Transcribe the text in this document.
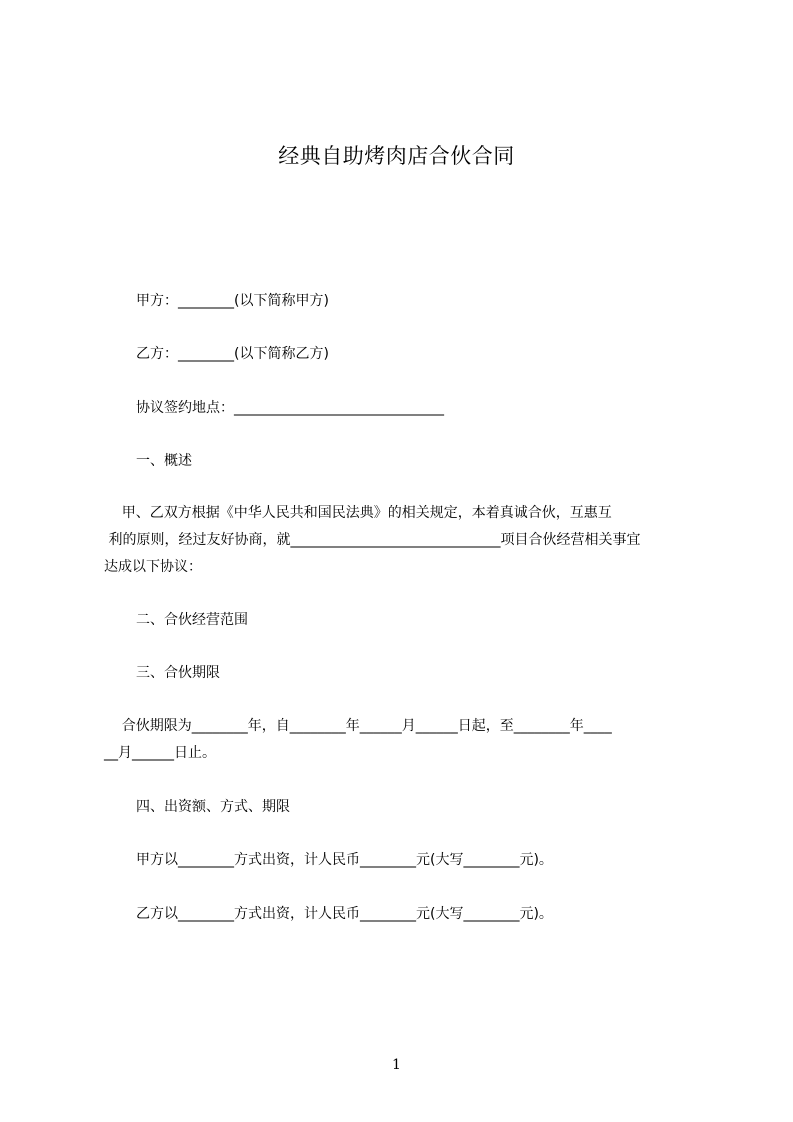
经典自助烤肉店合伙合同
甲方：________(以下简称甲方)
乙方：________(以下简称乙方)
协议签约地点：______________________________
一、概述
甲、乙双方根据《中华人民共和国民法典》的相关规定，本着真诚合伙，互惠互
利的原则，经过友好协商，就______________________________项目合伙经营相关事宜
达成以下协议：
二、合伙经营范围
三、合伙期限
合伙期限为________年，自________年______月______日起，至________年____
__月______日止。
四、出资额、方式、期限
甲方以________方式出资，计人民币________元(大写________元)。
乙方以________方式出资，计人民币________元(大写________元)。
1
